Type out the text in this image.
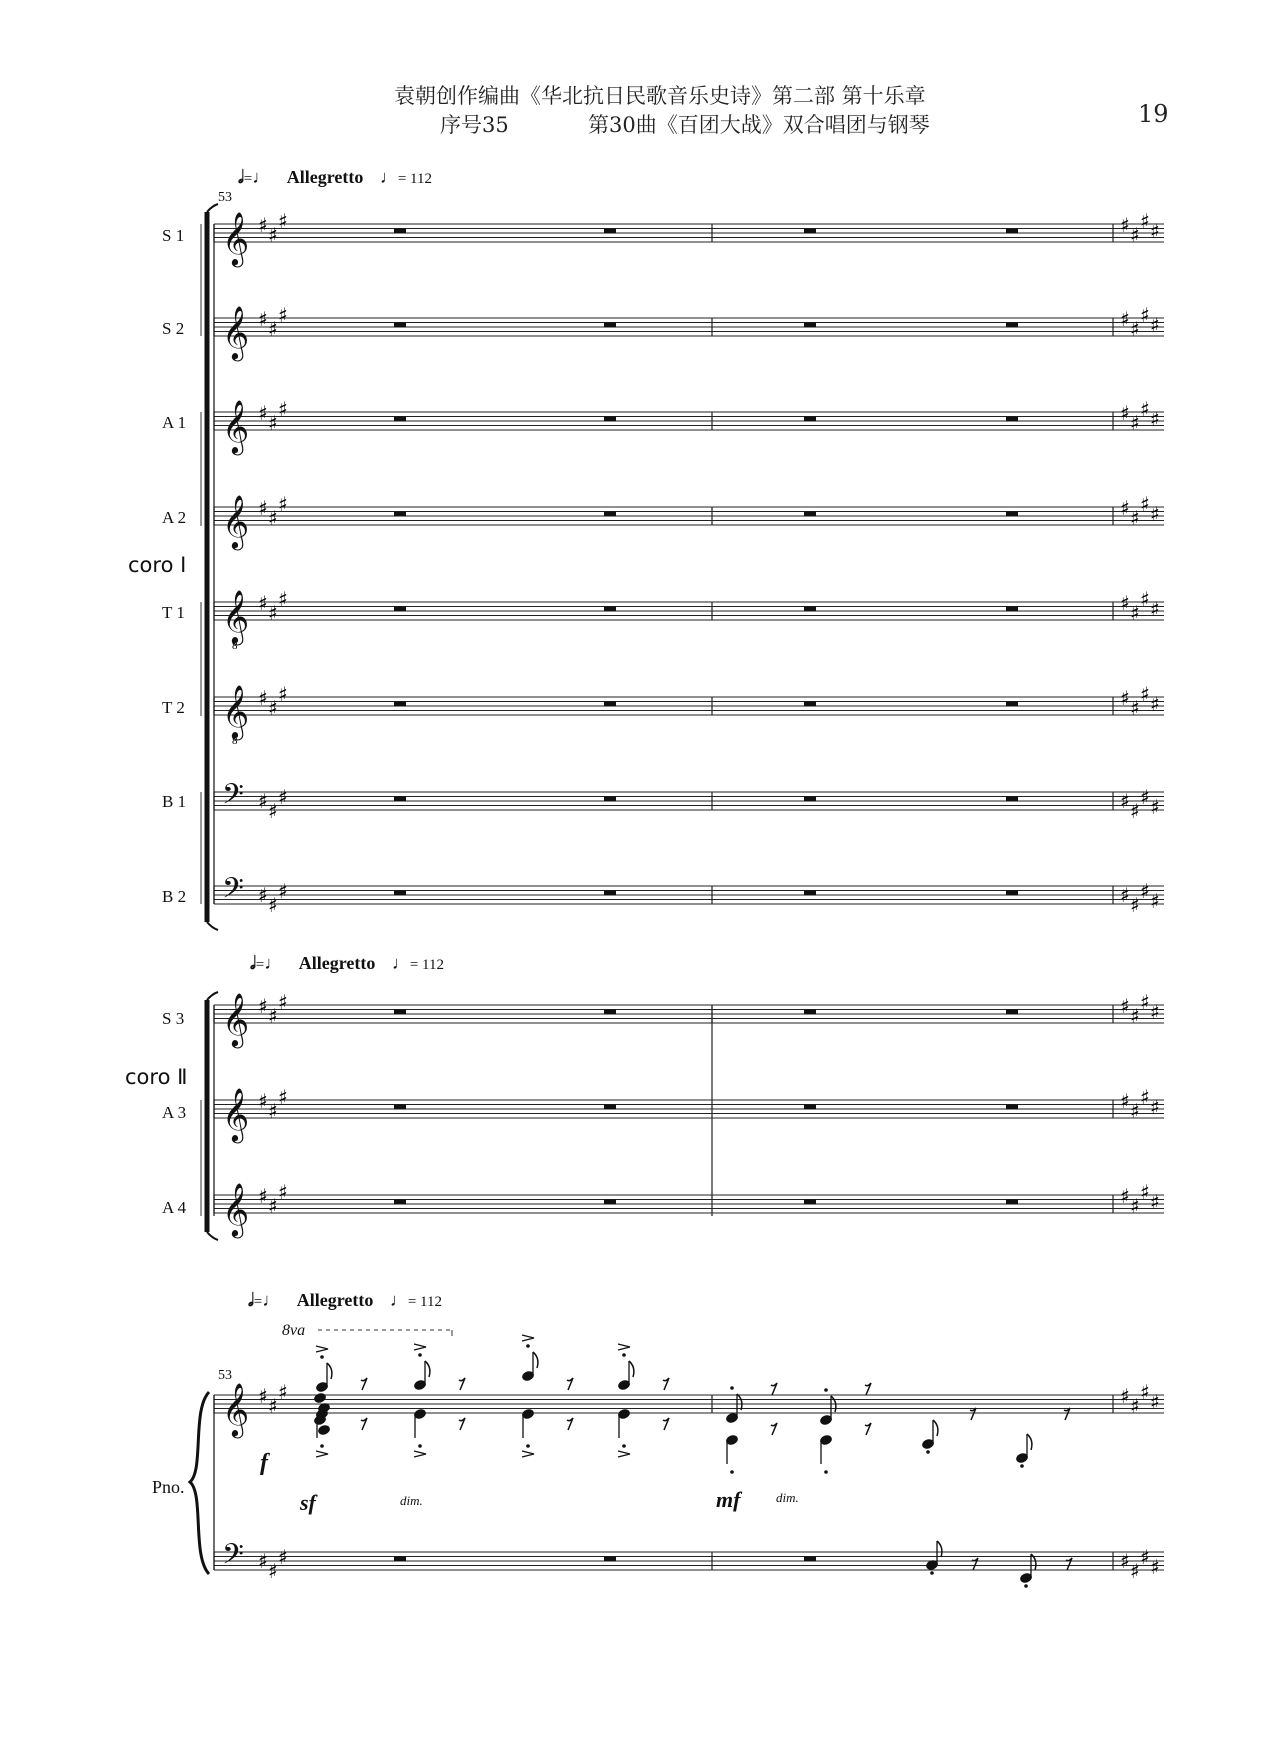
袁朝创作编曲《华北抗日民歌音乐史诗》第二部 第十乐章
序号35	第30曲《百团大战》双合唱团与钢琴	19
𝅗𝅥=♩ Allegretto ♩= 112
𝅗𝅥=♩ Allegretto ♩= 112
𝅗𝅥=♩ Allegretto ♩= 112
53
53
S 1
S 2
A 1
A 2
T 1
T 2
B 1
B 2
S 3
A 3
A 4
coro Ⅰ
coro Ⅱ
Pno.
f
sf	dim.	mf	dim.
8va
𝄞 ♯ ♯
♯	♯ ♯
♯ ♯
𝄞 ♯ ♯
♯	♯ ♯
♯ ♯
𝄞 ♯ ♯
♯	♯ ♯
♯ ♯
𝄞 ♯ ♯
♯	♯ ♯
♯ ♯
𝄞
8
♯ ♯
♯	♯ ♯
♯ ♯
𝄞
8
♯ ♯
♯	♯ ♯
♯ ♯
𝄢 ♯ ♯
♯	♯ ♯
♯ ♯
𝄢 ♯ ♯
♯	♯ ♯
♯ ♯
𝄞 ♯ ♯
♯	♯ ♯
♯ ♯
𝄞 ♯ ♯
♯	♯ ♯
♯ ♯
𝄞 ♯ ♯
♯	♯ ♯
♯ ♯
𝄞 ♯ ♯
♯	♯ ♯
♯ ♯
𝄢 ♯ ♯
♯	♯ ♯
♯ ♯
